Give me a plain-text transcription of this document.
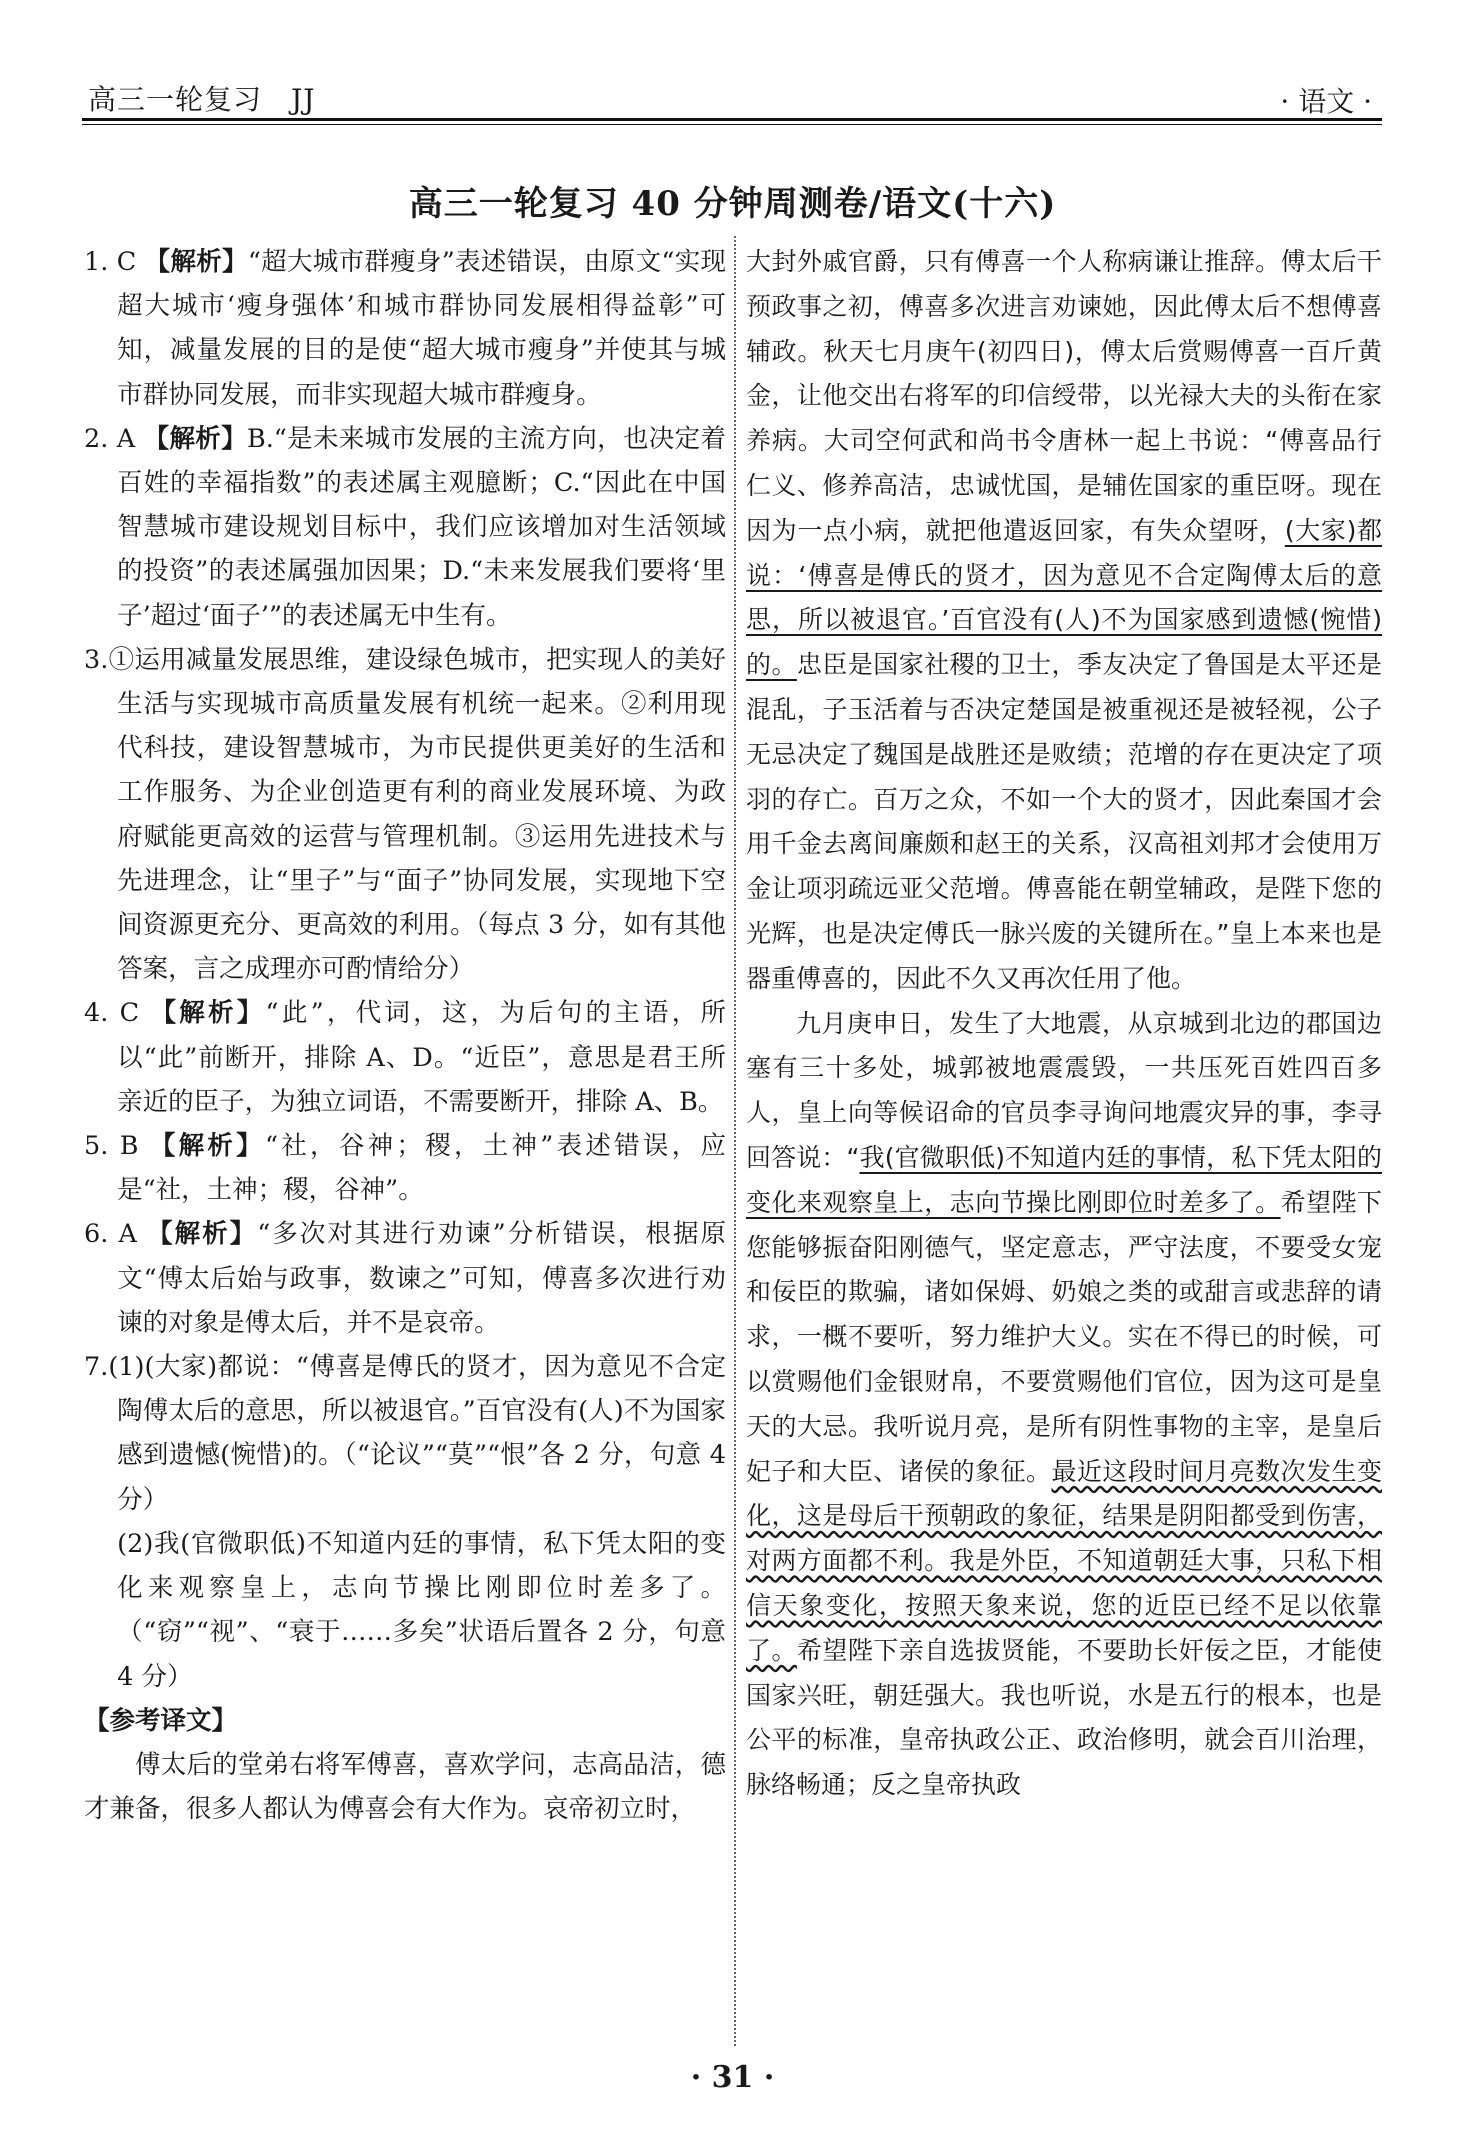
高三一轮复习　JJ	· 语文 ·
高三一轮复习 40 分钟周测卷/语文(十六)

1. C 【解析】“超大城市群瘦身”表述错误，由原文“实现超大城市‘瘦身强体’和城市群协同发展相得益彰”可知，减量发展的目的是使“超大城市瘦身”并使其与城市群协同发展，而非实现超大城市群瘦身。

2. A 【解析】B.“是未来城市发展的主流方向，也决定着百姓的幸福指数”的表述属主观臆断；C.“因此在中国智慧城市建设规划目标中，我们应该增加对生活领域的投资”的表述属强加因果；D.“未来发展我们要将‘里子’超过‘面子’”的表述属无中生有。

3.①运用减量发展思维，建设绿色城市，把实现人的美好生活与实现城市高质量发展有机统一起来。②利用现代科技，建设智慧城市，为市民提供更美好的生活和工作服务、为企业创造更有利的商业发展环境、为政府赋能更高效的运营与管理机制。③运用先进技术与先进理念，让“里子”与“面子”协同发展，实现地下空间资源更充分、更高效的利用。（每点 3 分，如有其他答案，言之成理亦可酌情给分）

4. C 【解析】“此”，代词，这，为后句的主语，所以“此”前断开，排除 A、D。“近臣”，意思是君王所亲近的臣子，为独立词语，不需要断开，排除 A、B。

5. B 【解析】“社，谷神；稷，土神”表述错误，应是“社，土神；稷，谷神”。

6. A 【解析】“多次对其进行劝谏”分析错误，根据原文“傅太后始与政事，数谏之”可知，傅喜多次进行劝谏的对象是傅太后，并不是哀帝。

7.(1)(大家)都说：“傅喜是傅氏的贤才，因为意见不合定陶傅太后的意思，所以被退官。”百官没有(人)不为国家感到遗憾(惋惜)的。（“论议”“莫”“恨”各 2 分，句意 4 分）

(2)我(官微职低)不知道内廷的事情，私下凭太阳的变化来观察皇上，志向节操比刚即位时差多了。（“窃”“视”、“衰于……多矣”状语后置各 2 分，句意 4 分）

【参考译文】

傅太后的堂弟右将军傅喜，喜欢学问，志高品洁，德才兼备，很多人都认为傅喜会有大作为。哀帝初立时，

大封外戚官爵，只有傅喜一个人称病谦让推辞。傅太后干预政事之初，傅喜多次进言劝谏她，因此傅太后不想傅喜辅政。秋天七月庚午(初四日)，傅太后赏赐傅喜一百斤黄金，让他交出右将军的印信绶带，以光禄大夫的头衔在家养病。大司空何武和尚书令唐林一起上书说：“傅喜品行仁义、修养高洁，忠诚忧国，是辅佐国家的重臣呀。现在因为一点小病，就把他遣返回家，有失众望呀，(大家)都说：‘傅喜是傅氏的贤才，因为意见不合定陶傅太后的意思，所以被退官。’百官没有(人)不为国家感到遗憾(惋惜)的。忠臣是国家社稷的卫士，季友决定了鲁国是太平还是混乱，子玉活着与否决定楚国是被重视还是被轻视，公子无忌决定了魏国是战胜还是败绩；范增的存在更决定了项羽的存亡。百万之众，不如一个大的贤才，因此秦国才会用千金去离间廉颇和赵王的关系，汉高祖刘邦才会使用万金让项羽疏远亚父范增。傅喜能在朝堂辅政，是陛下您的光辉，也是决定傅氏一脉兴废的关键所在。”皇上本来也是器重傅喜的，因此不久又再次任用了他。

九月庚申日，发生了大地震，从京城到北边的郡国边塞有三十多处，城郭被地震震毁，一共压死百姓四百多人，皇上向等候诏命的官员李寻询问地震灾异的事，李寻回答说：“我(官微职低)不知道内廷的事情，私下凭太阳的变化来观察皇上，志向节操比刚即位时差多了。希望陛下您能够振奋阳刚德气，坚定意志，严守法度，不要受女宠和佞臣的欺骗，诸如保姆、奶娘之类的或甜言或悲辞的请求，一概不要听，努力维护大义。实在不得已的时候，可以赏赐他们金银财帛，不要赏赐他们官位，因为这可是皇天的大忌。我听说月亮，是所有阴性事物的主宰，是皇后妃子和大臣、诸侯的象征。最近这段时间月亮数次发生变化，这是母后干预朝政的象征，结果是阴阳都受到伤害，对两方面都不利。我是外臣，不知道朝廷大事，只私下相信天象变化，按照天象来说，您的近臣已经不足以依靠了。希望陛下亲自选拔贤能，不要助长奸佞之臣，才能使国家兴旺，朝廷强大。我也听说，水是五行的根本，也是公平的标准，皇帝执政公正、政治修明，就会百川治理，脉络畅通；反之皇帝执政

· 31 ·
